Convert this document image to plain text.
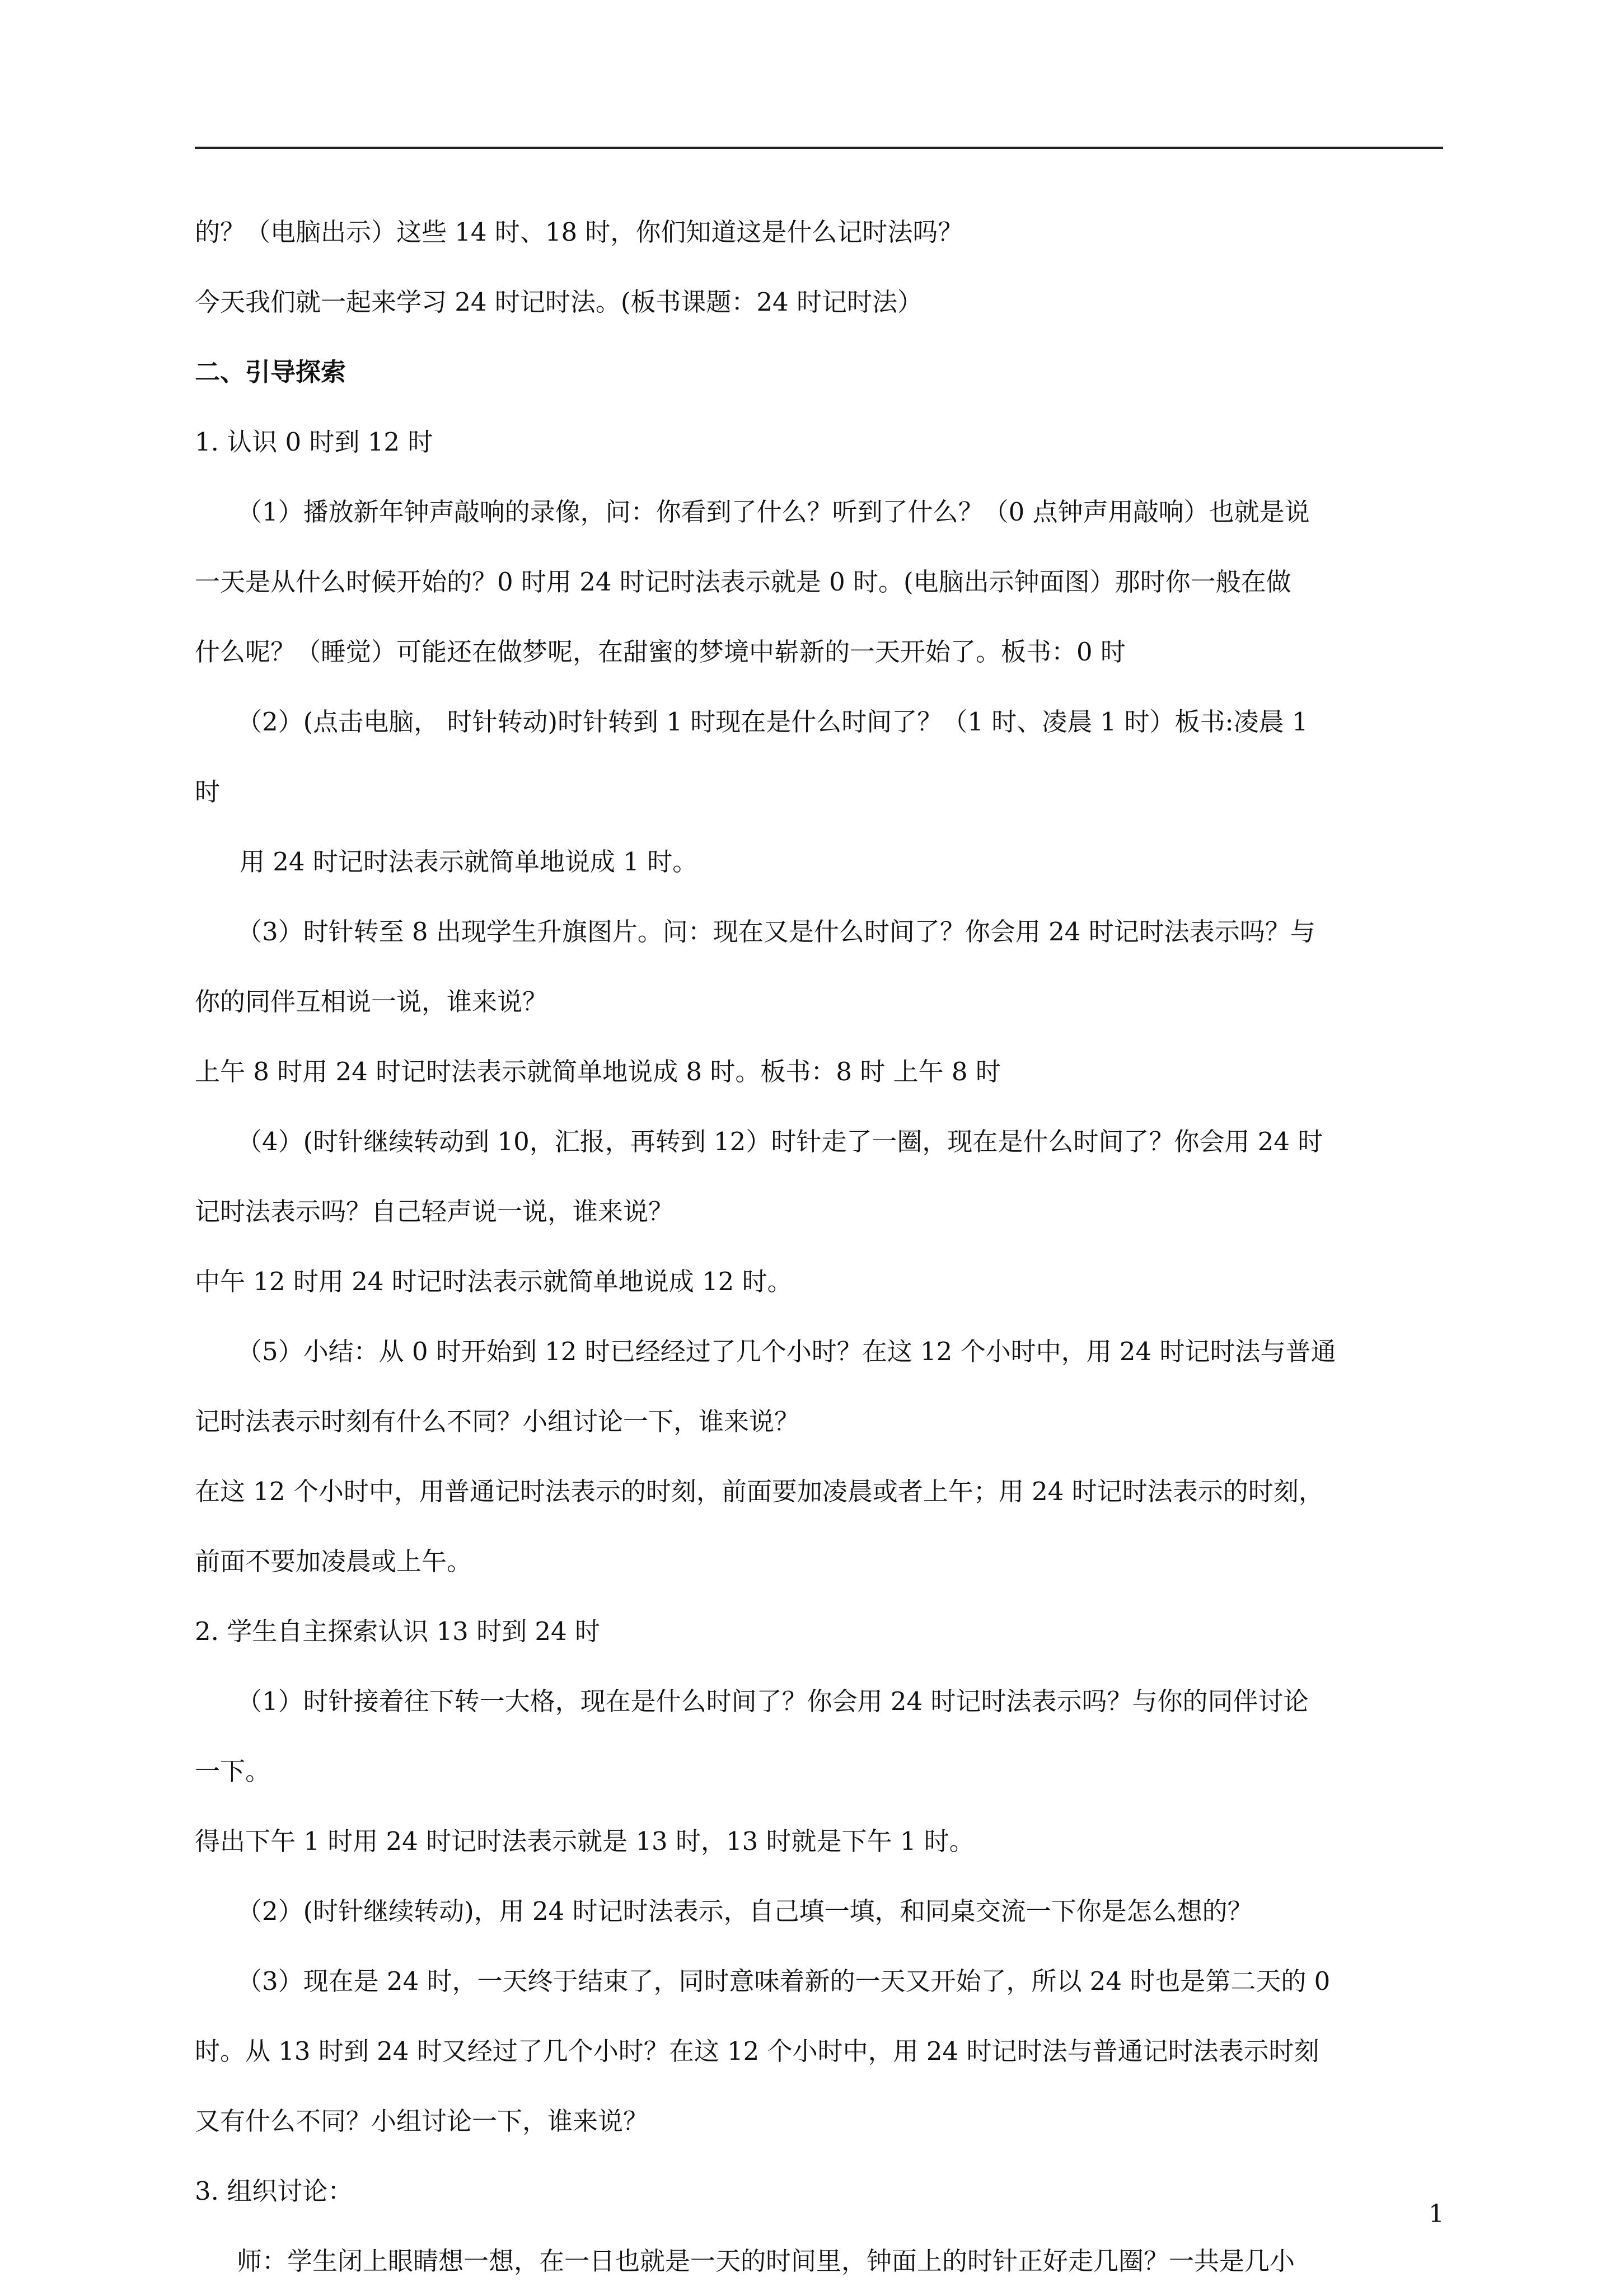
的？（电脑出示）这些 14 时、18 时，你们知道这是什么记时法吗？
今天我们就一起来学习 24 时记时法。(板书课题：24 时记时法）
二、引导探索
1. 认识 0 时到 12 时
（1）播放新年钟声敲响的录像，问：你看到了什么？听到了什么？（0 点钟声用敲响）也就是说
一天是从什么时候开始的？0 时用 24 时记时法表示就是 0 时。(电脑出示钟面图）那时你一般在做
什么呢？（睡觉）可能还在做梦呢，在甜蜜的梦境中崭新的一天开始了。板书：0 时
（2）(点击电脑， 时针转动)时针转到 1 时现在是什么时间了？（1 时、凌晨 1 时）板书:凌晨 1
时
用 24 时记时法表示就简单地说成 1 时。
（3）时针转至 8 出现学生升旗图片。问：现在又是什么时间了？你会用 24 时记时法表示吗？与
你的同伴互相说一说，谁来说？
上午 8 时用 24 时记时法表示就简单地说成 8 时。板书：8 时 上午 8 时
（4）(时针继续转动到 10，汇报，再转到 12）时针走了一圈，现在是什么时间了？你会用 24 时
记时法表示吗？自己轻声说一说，谁来说？
中午 12 时用 24 时记时法表示就简单地说成 12 时。
（5）小结：从 0 时开始到 12 时已经经过了几个小时？在这 12 个小时中，用 24 时记时法与普通
记时法表示时刻有什么不同？小组讨论一下，谁来说？
在这 12 个小时中，用普通记时法表示的时刻，前面要加凌晨或者上午；用 24 时记时法表示的时刻，
前面不要加凌晨或上午。
2. 学生自主探索认识 13 时到 24 时
（1）时针接着往下转一大格，现在是什么时间了？你会用 24 时记时法表示吗？与你的同伴讨论
一下。
得出下午 1 时用 24 时记时法表示就是 13 时，13 时就是下午 1 时。
（2）(时针继续转动)，用 24 时记时法表示，自己填一填，和同桌交流一下你是怎么想的？
（3）现在是 24 时，一天终于结束了，同时意味着新的一天又开始了，所以 24 时也是第二天的 0
时。从 13 时到 24 时又经过了几个小时？在这 12 个小时中，用 24 时记时法与普通记时法表示时刻
又有什么不同？小组讨论一下，谁来说？
3. 组织讨论：
师：学生闭上眼睛想一想，在一日也就是一天的时间里，钟面上的时针正好走几圈？一共是几小
1
